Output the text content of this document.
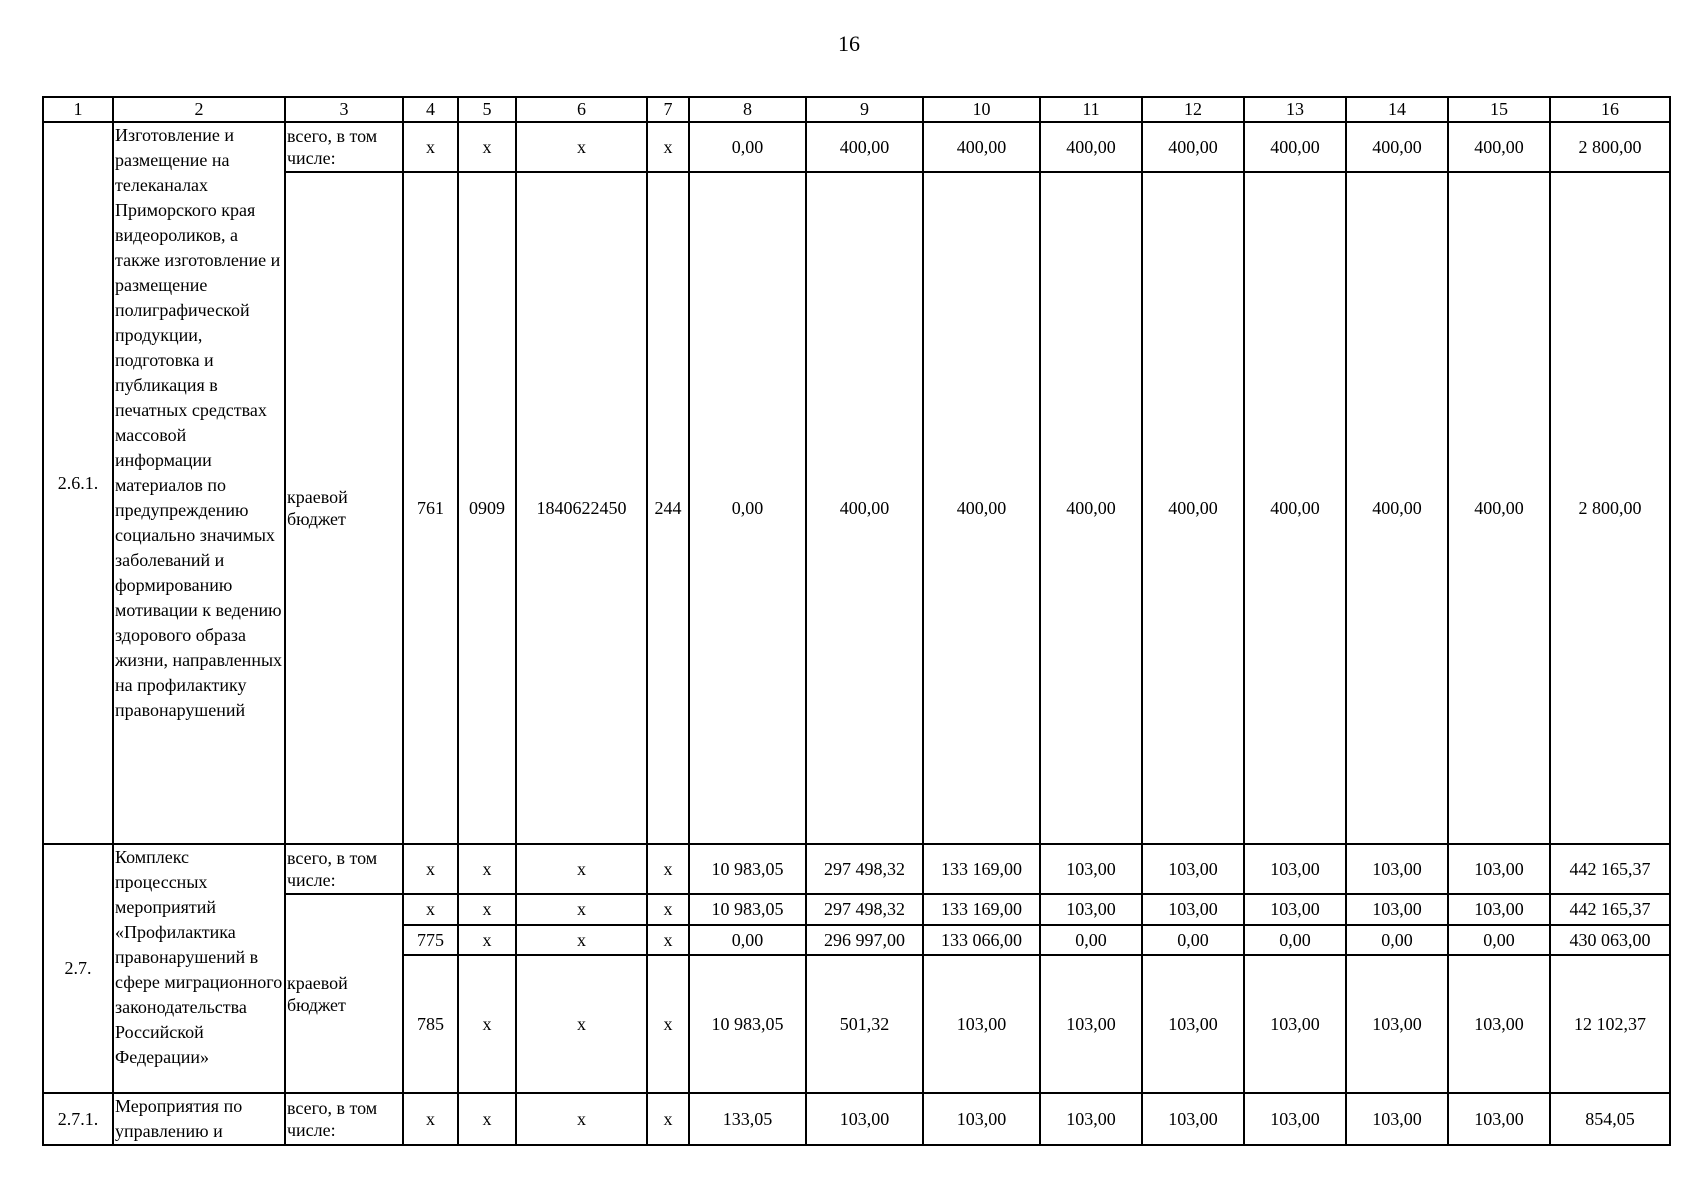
16
1	2	3	4	5	6	7	8	9	10	11	12	13	14	15	16
2.6.1.	Изготовление и размещение на телеканалах Приморского края видеороликов, а также изготовление и размещение полиграфической продукции, подготовка и публикация в печатных средствах массовой информации материалов по предупреждению социально значимых заболеваний и формированию мотивации к ведению здорового образа жизни, направленных на профилактику правонарушений	всего, в том числе:	x	x	x	x	0,00	400,00	400,00	400,00	400,00	400,00	400,00	400,00	2 800,00
		краевой бюджет	761	0909	1840622450	244	0,00	400,00	400,00	400,00	400,00	400,00	400,00	400,00	2 800,00
2.7.	Комплекс процессных мероприятий «Профилактика правонарушений в сфере миграционного законодательства Российской Федерации»	всего, в том числе:	x	x	x	x	10 983,05	297 498,32	133 169,00	103,00	103,00	103,00	103,00	103,00	442 165,37
		краевой бюджет	x	x	x	x	10 983,05	297 498,32	133 169,00	103,00	103,00	103,00	103,00	103,00	442 165,37
			775	x	x	x	0,00	296 997,00	133 066,00	0,00	0,00	0,00	0,00	0,00	430 063,00
			785	x	x	x	10 983,05	501,32	103,00	103,00	103,00	103,00	103,00	103,00	12 102,37
2.7.1.	Мероприятия по управлению и	всего, в том числе:	x	x	x	x	133,05	103,00	103,00	103,00	103,00	103,00	103,00	103,00	854,05
